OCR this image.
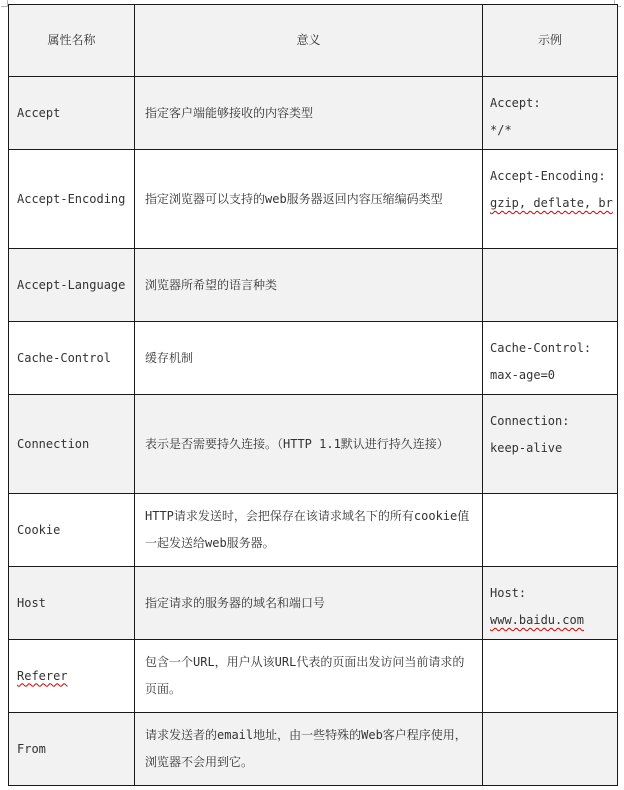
属性名称	意义	示例
Accept	指定客户端能够接收的内容类型	Accept:
*/*
Accept-Encoding	指定浏览器可以支持的web服务器返回内容压缩编码类型	Accept-Encoding:
gzip, deflate, br
Accept-Language	浏览器所希望的语言种类	

Cache-Control	缓存机制	Cache-Control:
max-age=0
Connection	表示是否需要持久连接。（HTTP 1.1默认进行持久连接）	Connection:
keep-alive
Cookie	HTTP请求发送时，会把保存在该请求域名下的所有cookie值一起发送给web服务器。	

Host	指定请求的服务器的域名和端口号	Host:
www.baidu.com
Referer	包含一个URL，用户从该URL代表的页面出发访问当前请求的页面。	

From	请求发送者的email地址，由一些特殊的Web客户程序使用，浏览器不会用到它。	
